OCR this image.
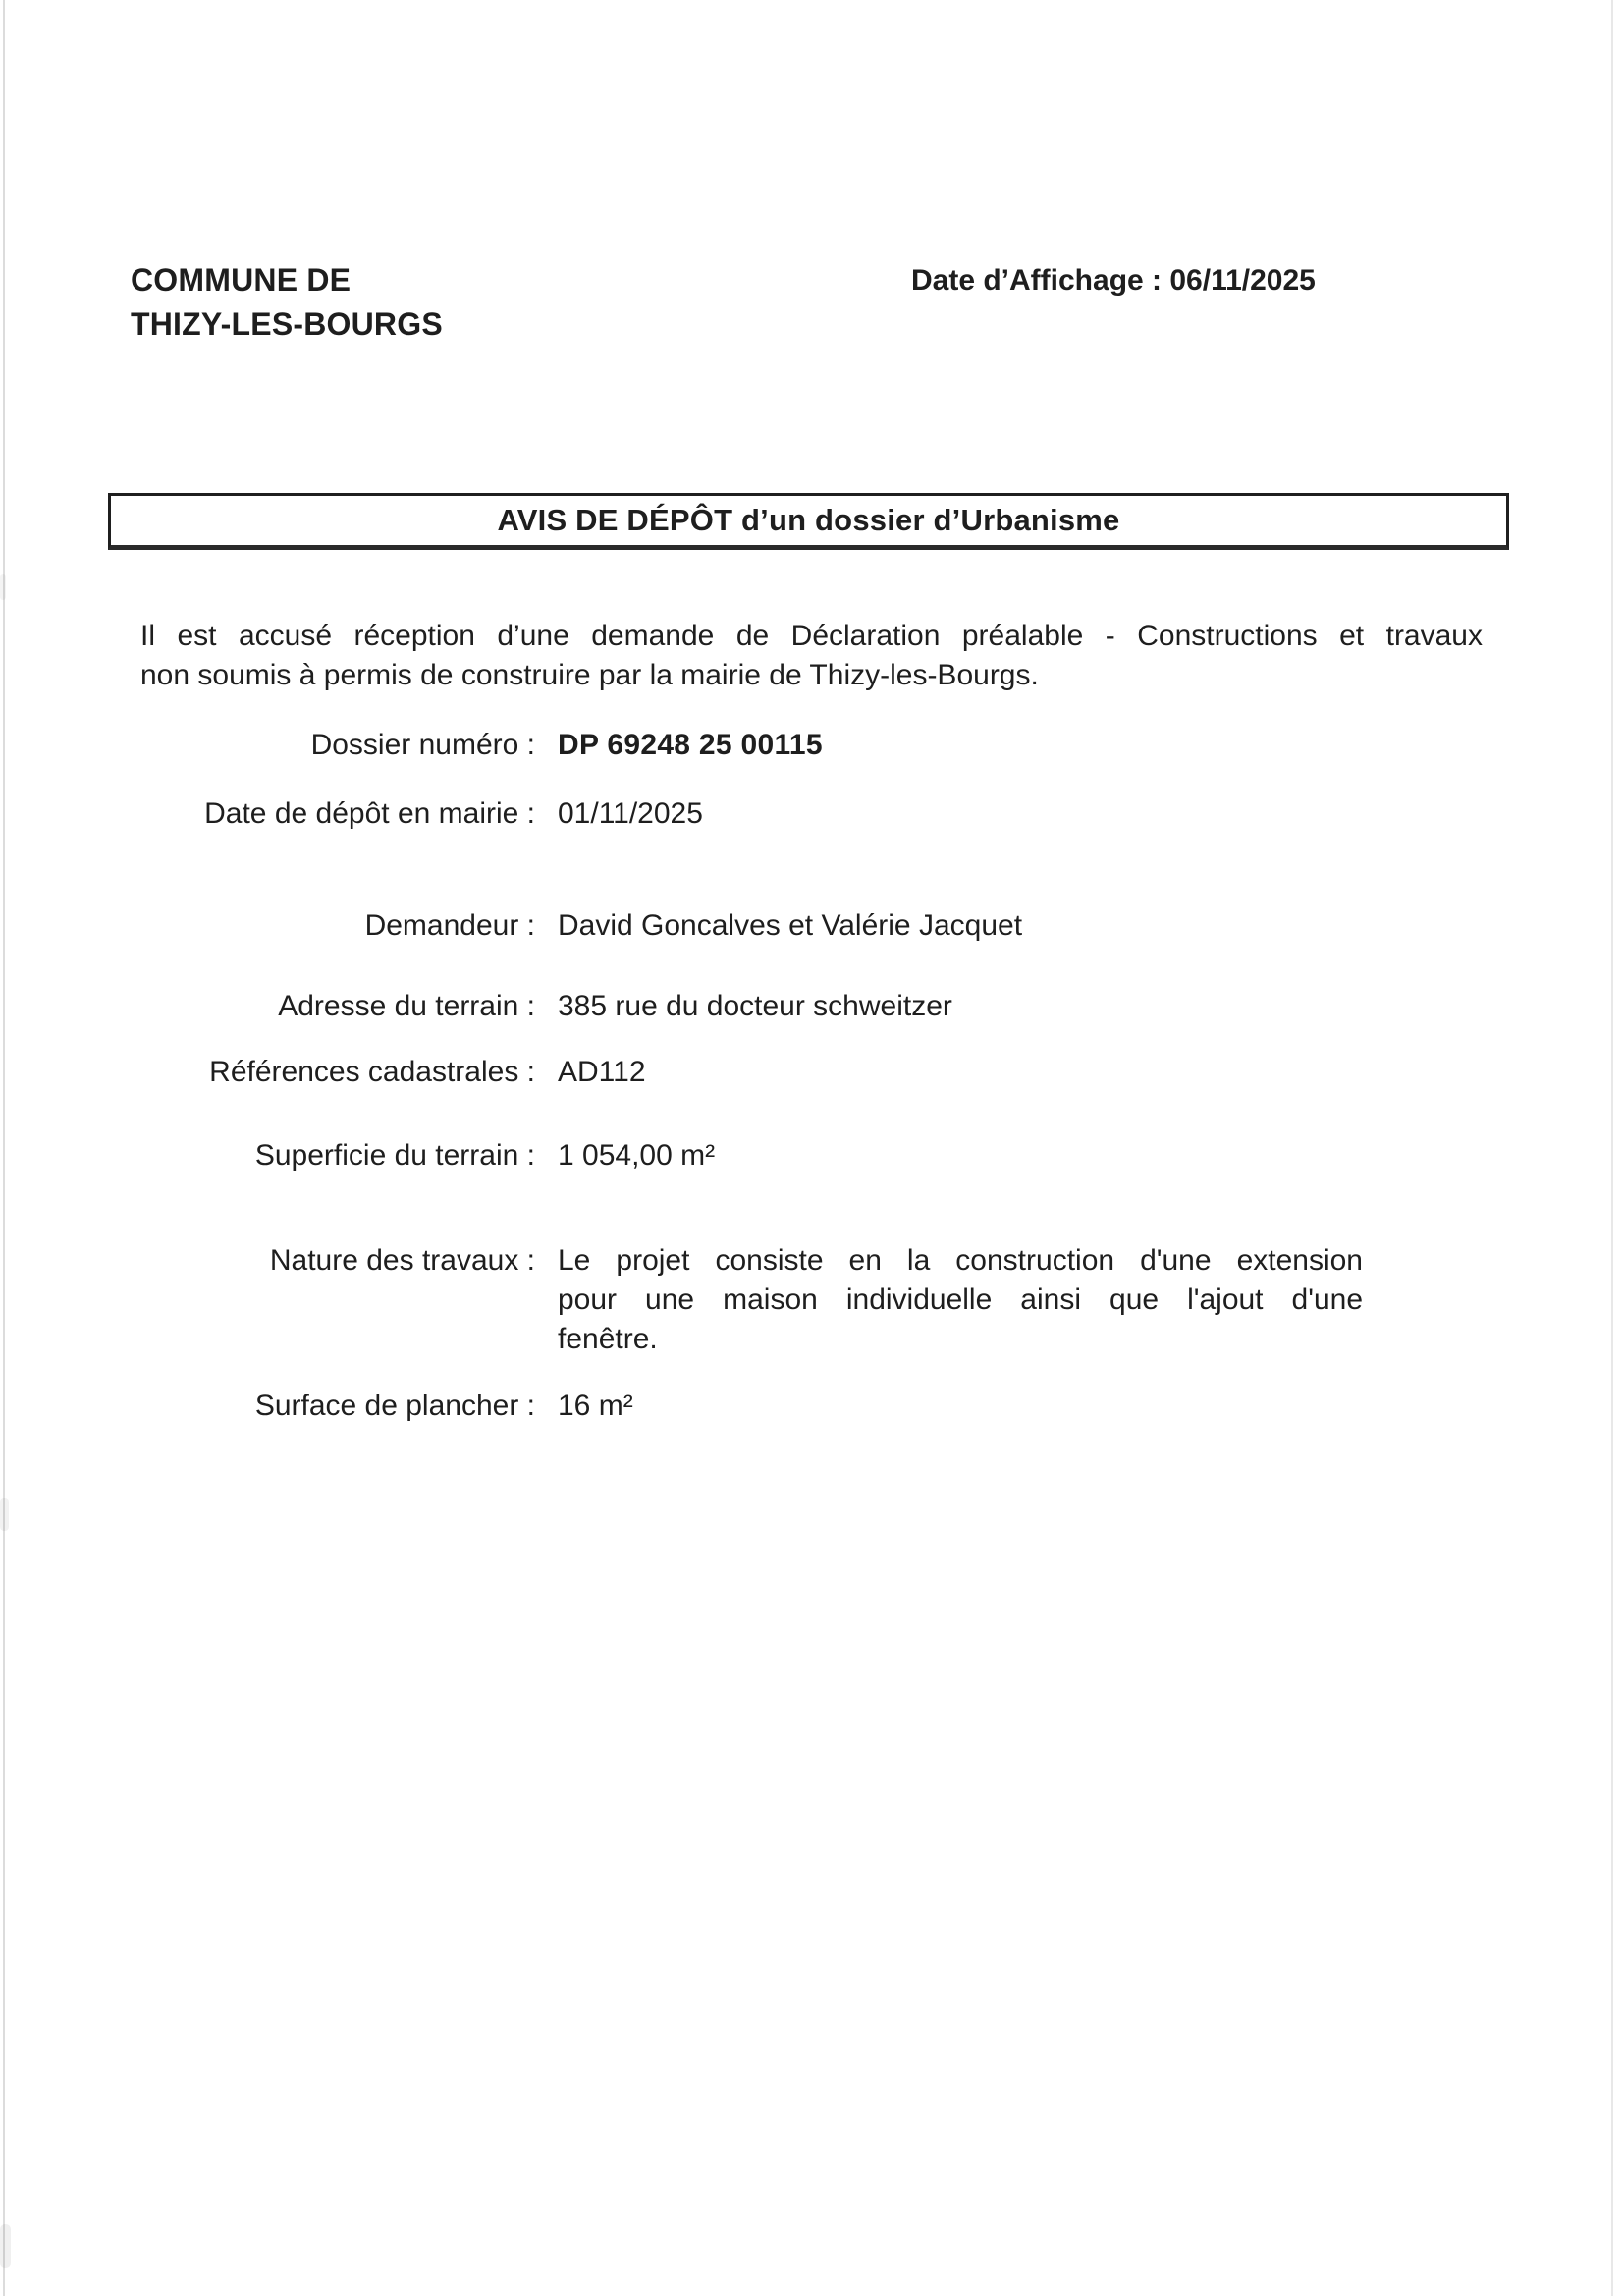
COMMUNE DE
THIZY-LES-BOURGS
Date d’Affichage : 06/11/2025
AVIS DE DÉPÔT d’un dossier d’Urbanisme
Il est accusé réception d’une demande de Déclaration préalable - Constructions et travaux
non soumis à permis de construire par la mairie de Thizy-les-Bourgs.
Dossier numéro : DP 69248 25 00115
Date de dépôt en mairie : 01/11/2025
Demandeur : David Goncalves et Valérie Jacquet
Adresse du terrain : 385 rue du docteur schweitzer
Références cadastrales : AD112
Superficie du terrain : 1 054,00 m²
Nature des travaux : Le projet consiste en la construction d'une extension
pour une maison individuelle ainsi que l'ajout d'une
fenêtre.
Surface de plancher : 16 m²
